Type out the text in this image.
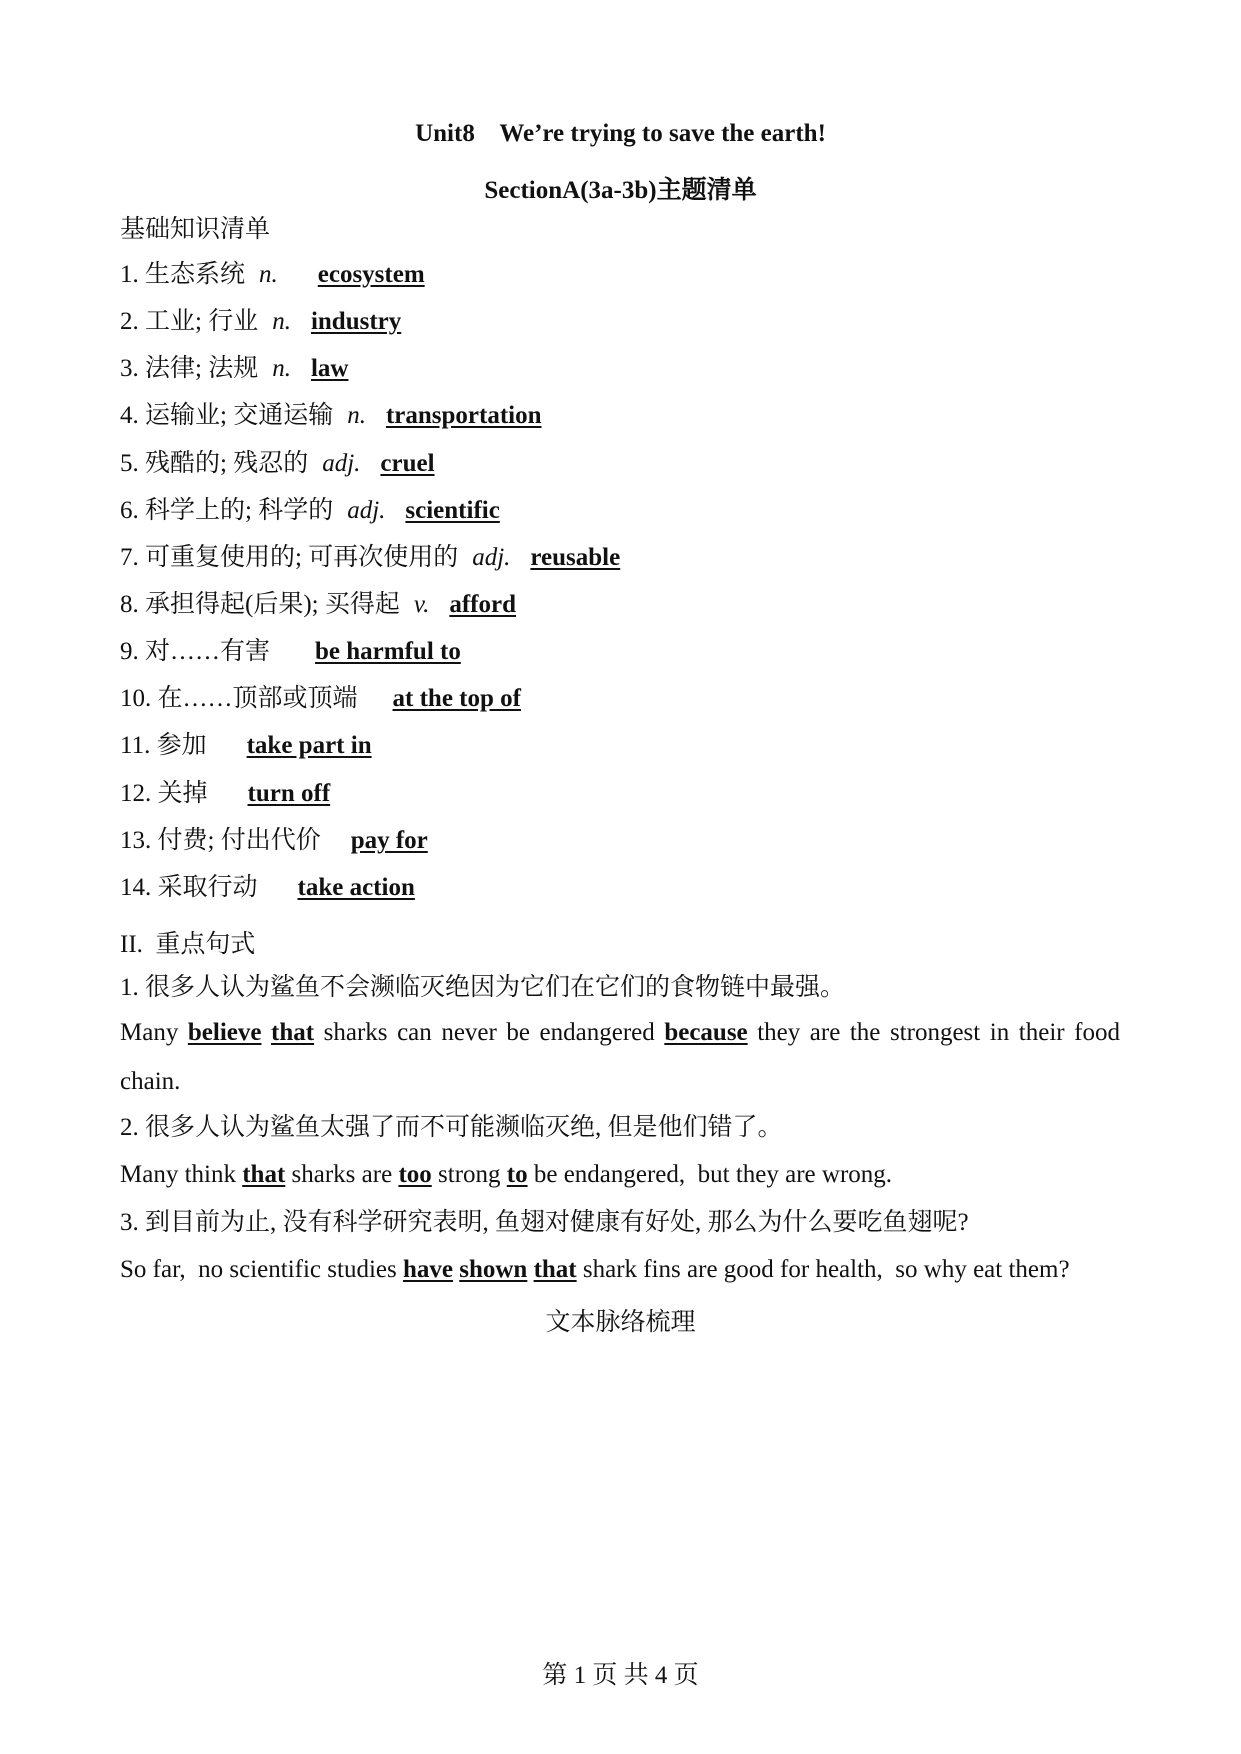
Unit8    We’re trying to save the earth!
SectionA(3a-3b)主题清单
基础知识清单
1. 生态系统 n. ecosystem
2. 工业; 行业 n. industry
3. 法律; 法规 n. law
4. 运输业; 交通运输 n. transportation
5. 残酷的; 残忍的 adj. cruel
6. 科学上的; 科学的 adj. scientific
7. 可重复使用的; 可再次使用的 adj. reusable
8. 承担得起(后果); 买得起 v. afford
9. 对……有害 be harmful to
10. 在……顶部或顶端 at the top of
11. 参加 take part in
12. 关掉 turn off
13. 付费; 付出代价 pay for
14. 采取行动 take action
II.  重点句式
1. 很多人认为鲨鱼不会濒临灭绝因为它们在它们的食物链中最强。
Many believe that sharks can never be endangered because they are the strongest in their food
chain.
2. 很多人认为鲨鱼太强了而不可能濒临灭绝, 但是他们错了。
Many think that sharks are too strong to be endangered,  but they are wrong.
3. 到目前为止, 没有科学研究表明, 鱼翅对健康有好处, 那么为什么要吃鱼翅呢?
So far,  no scientific studies have shown that shark fins are good for health,  so why eat them?
文本脉络梳理
第 1 页 共 4 页
